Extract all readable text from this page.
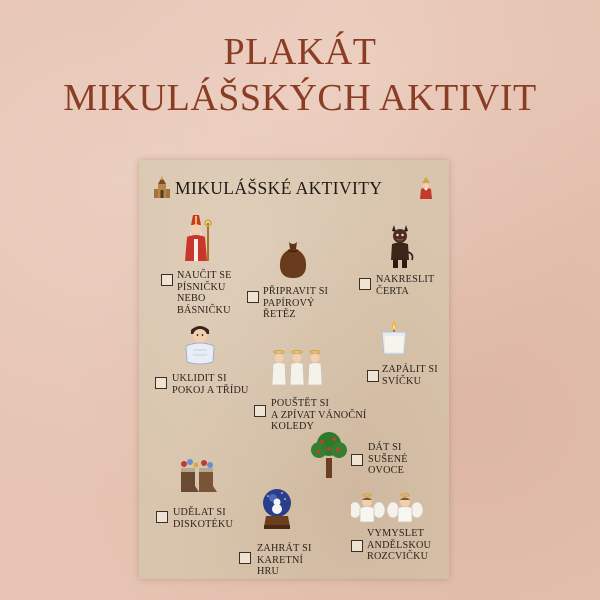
PLAKÁT
MIKULÁŠSKÝCH AKTIVIT
MIKULÁŠSKÉ AKTIVITY
NAUČIT SE
PÍSNIČKU
NEBO
BÁSNIČKU
PŘIPRAVIT SI
PAPÍROVÝ
ŘETĚZ
NAKRESLIT
ČERTA
UKLIDIT SI
POKOJ A TŘÍDU
ZAPÁLIT SI
SVÍČKU
POUŠTĚT SI
A ZPÍVAT VÁNOČNÍ
KOLEDY
DÁT SI
SUŠENÉ
OVOCE
UDĚLAT SI
DISKOTÉKU
ZAHRÁT SI
KARETNÍ
HRU
VYMYSLET
ANDĚLSKOU
ROZCVIČKU
